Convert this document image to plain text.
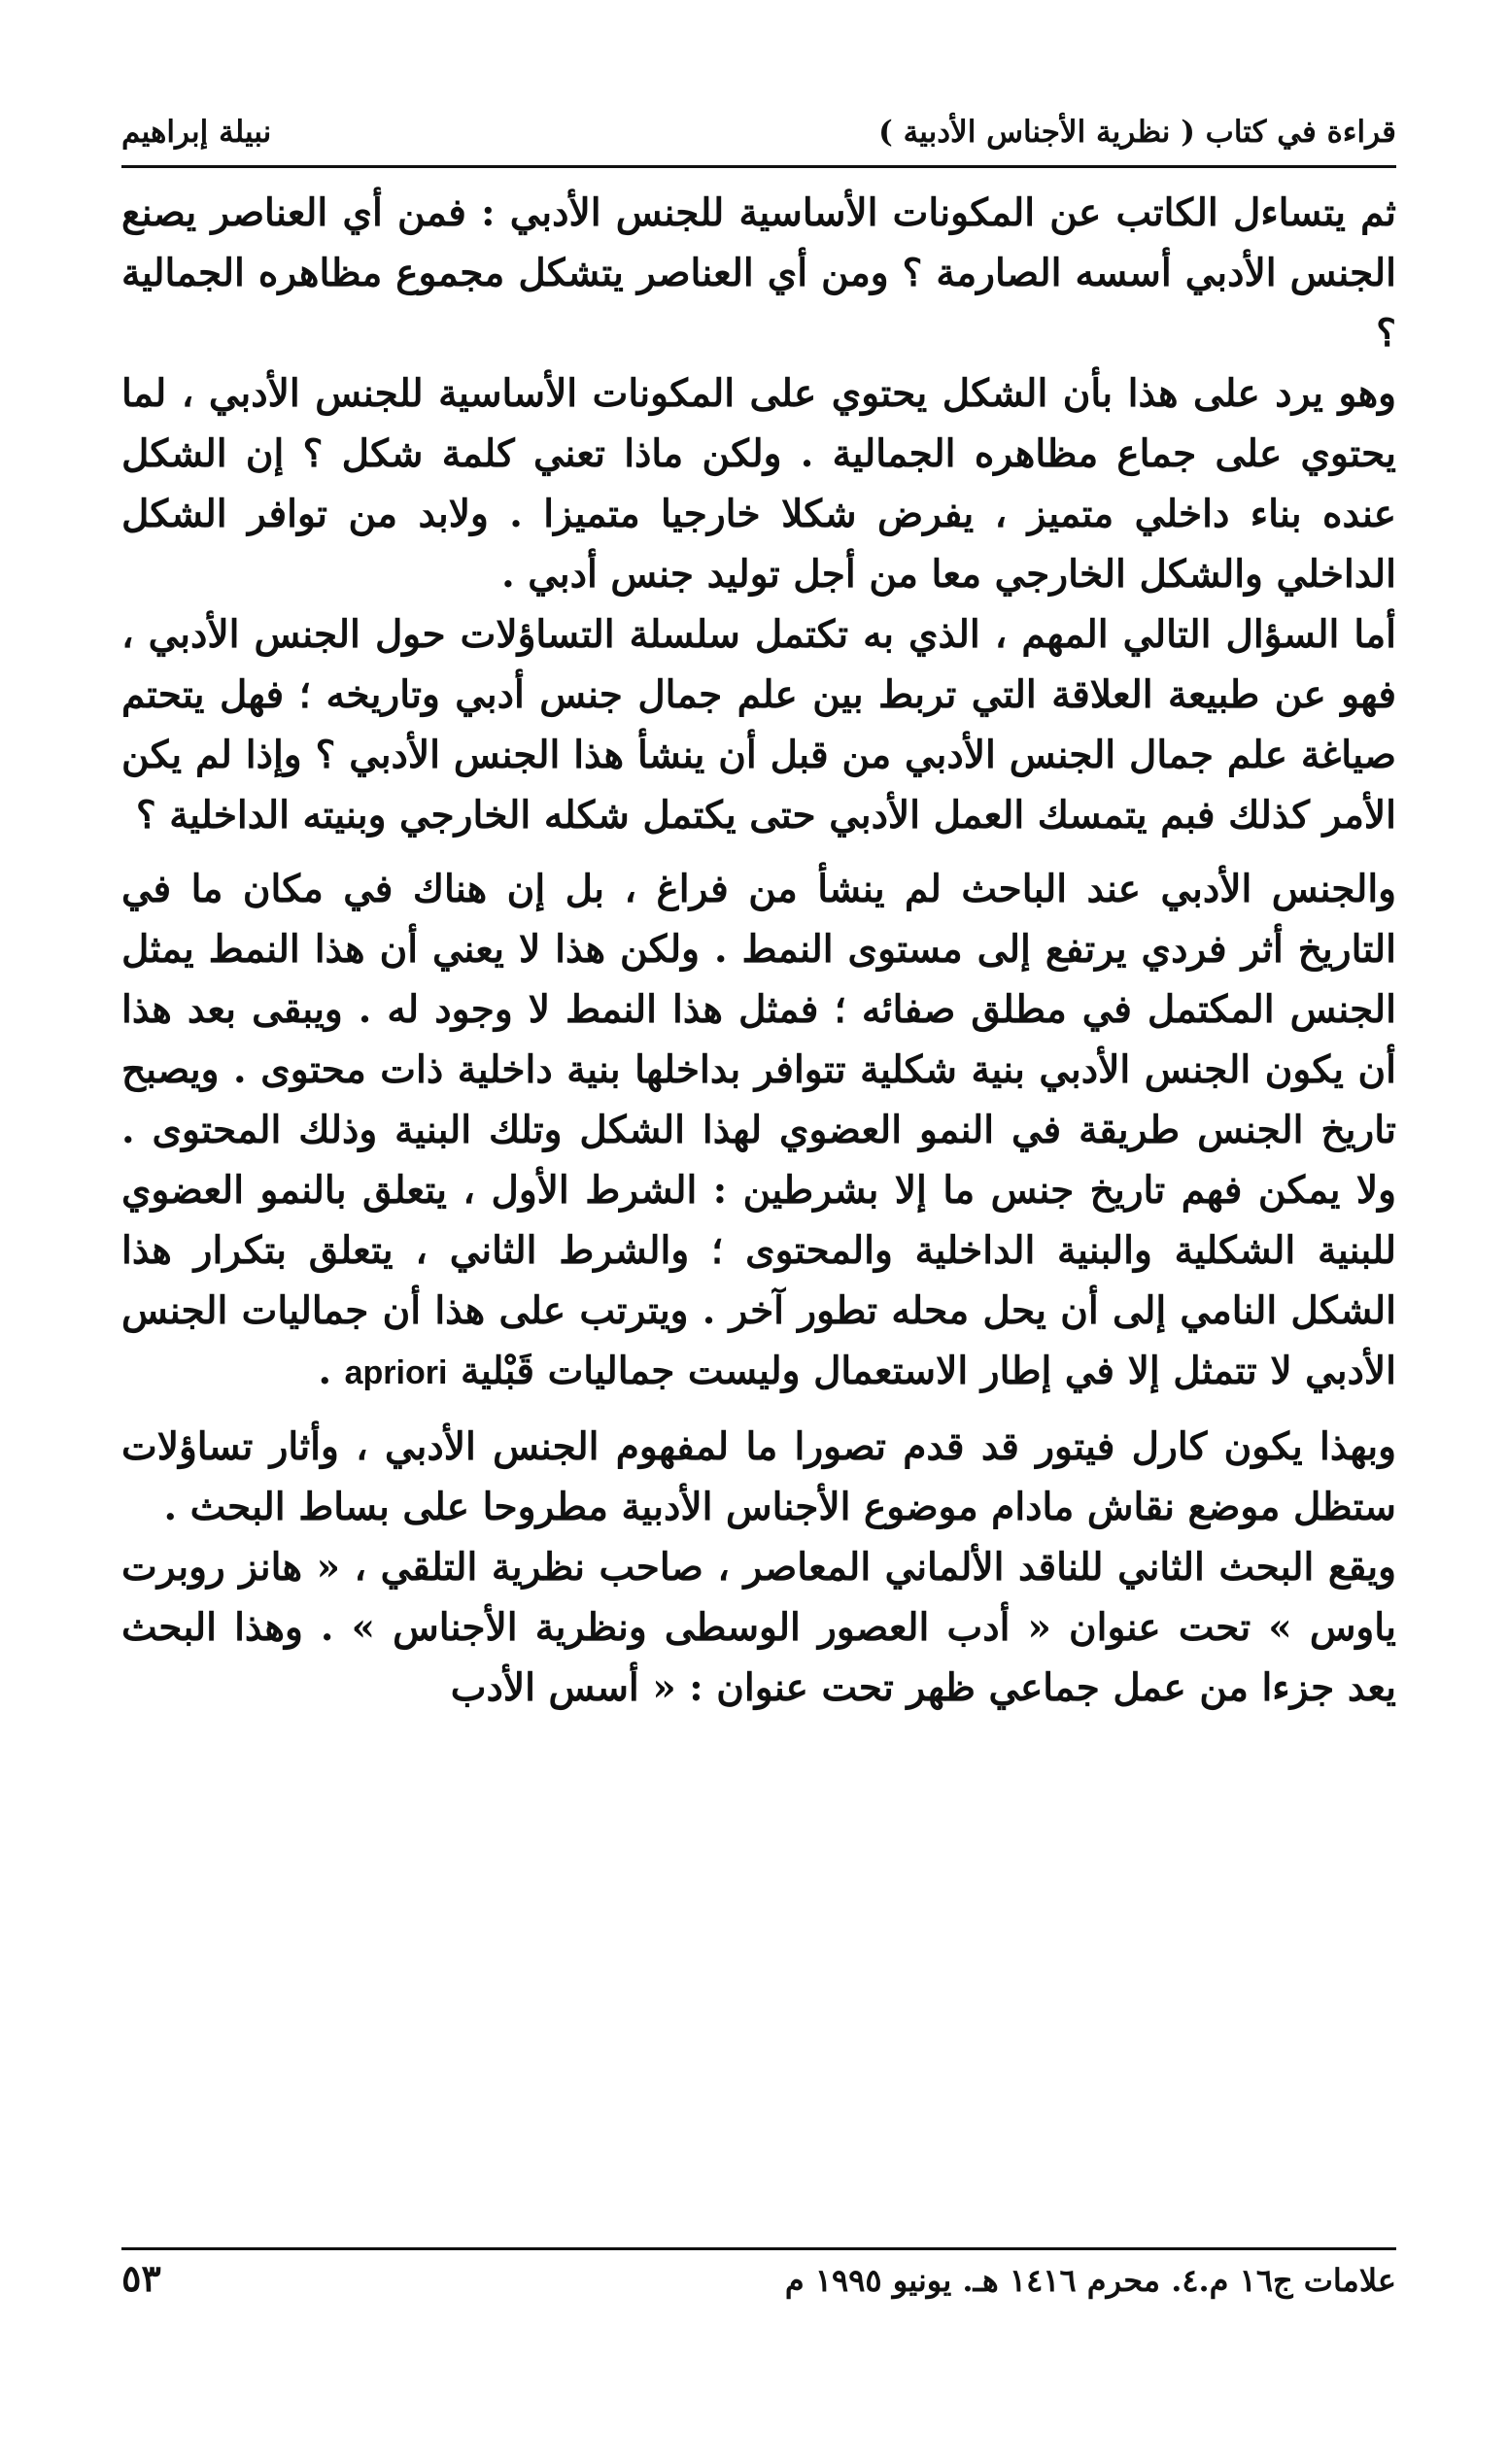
قراءة في كتاب ( نظرية الأجناس الأدبية )
نبيلة إبراهيم

ثم يتساءل الكاتب عن المكونات الأساسية للجنس الأدبي : فمن أي العناصر يصنع الجنس الأدبي أسسه الصارمة ؟ ومن أي العناصر يتشكل مجموع مظاهره الجمالية ؟

وهو يرد على هذا بأن الشكل يحتوي على المكونات الأساسية للجنس الأدبي ، لما يحتوي على جماع مظاهره الجمالية . ولكن ماذا تعني كلمة شكل ؟ إن الشكل عنده بناء داخلي متميز ، يفرض شكلا خارجيا متميزا . ولابد من توافر الشكل الداخلي والشكل الخارجي معا من أجل توليد جنس أدبي .

أما السؤال التالي المهم ، الذي به تكتمل سلسلة التساؤلات حول الجنس الأدبي ، فهو عن طبيعة العلاقة التي تربط بين علم جمال جنس أدبي وتاريخه ؛ فهل يتحتم صياغة علم جمال الجنس الأدبي من قبل أن ينشأ هذا الجنس الأدبي ؟ وإذا لم يكن الأمر كذلك فبم يتمسك العمل الأدبي حتى يكتمل شكله الخارجي وبنيته الداخلية ؟

والجنس الأدبي عند الباحث لم ينشأ من فراغ ، بل إن هناك في مكان ما في التاريخ أثر فردي يرتفع إلى مستوى النمط . ولكن هذا لا يعني أن هذا النمط يمثل الجنس المكتمل في مطلق صفائه ؛ فمثل هذا النمط لا وجود له . ويبقى بعد هذا أن يكون الجنس الأدبي بنية شكلية تتوافر بداخلها بنية داخلية ذات محتوى . ويصبح تاريخ الجنس طريقة في النمو العضوي لهذا الشكل وتلك البنية وذلك المحتوى . ولا يمكن فهم تاريخ جنس ما إلا بشرطين : الشرط الأول ، يتعلق بالنمو العضوي للبنية الشكلية والبنية الداخلية والمحتوى ؛ والشرط الثاني ، يتعلق بتكرار هذا الشكل النامي إلى أن يحل محله تطور آخر . ويترتب على هذا أن جماليات الجنس الأدبي لا تتمثل إلا في إطار الاستعمال وليست جماليات قَبْلية apriori .

وبهذا يكون كارل فيتور قد قدم تصورا ما لمفهوم الجنس الأدبي ، وأثار تساؤلات ستظل موضع نقاش مادام موضوع الأجناس الأدبية مطروحا على بساط البحث .

ويقع البحث الثاني للناقد الألماني المعاصر ، صاحب نظرية التلقي ، « هانز روبرت ياوس » تحت عنوان « أدب العصور الوسطى ونظرية الأجناس » . وهذا البحث يعد جزءا من عمل جماعي ظهر تحت عنوان : « أسس الأدب

علامات ج١٦ م.٤. محرم ١٤١٦ هـ. يونيو ١٩٩٥ م
٥٣
